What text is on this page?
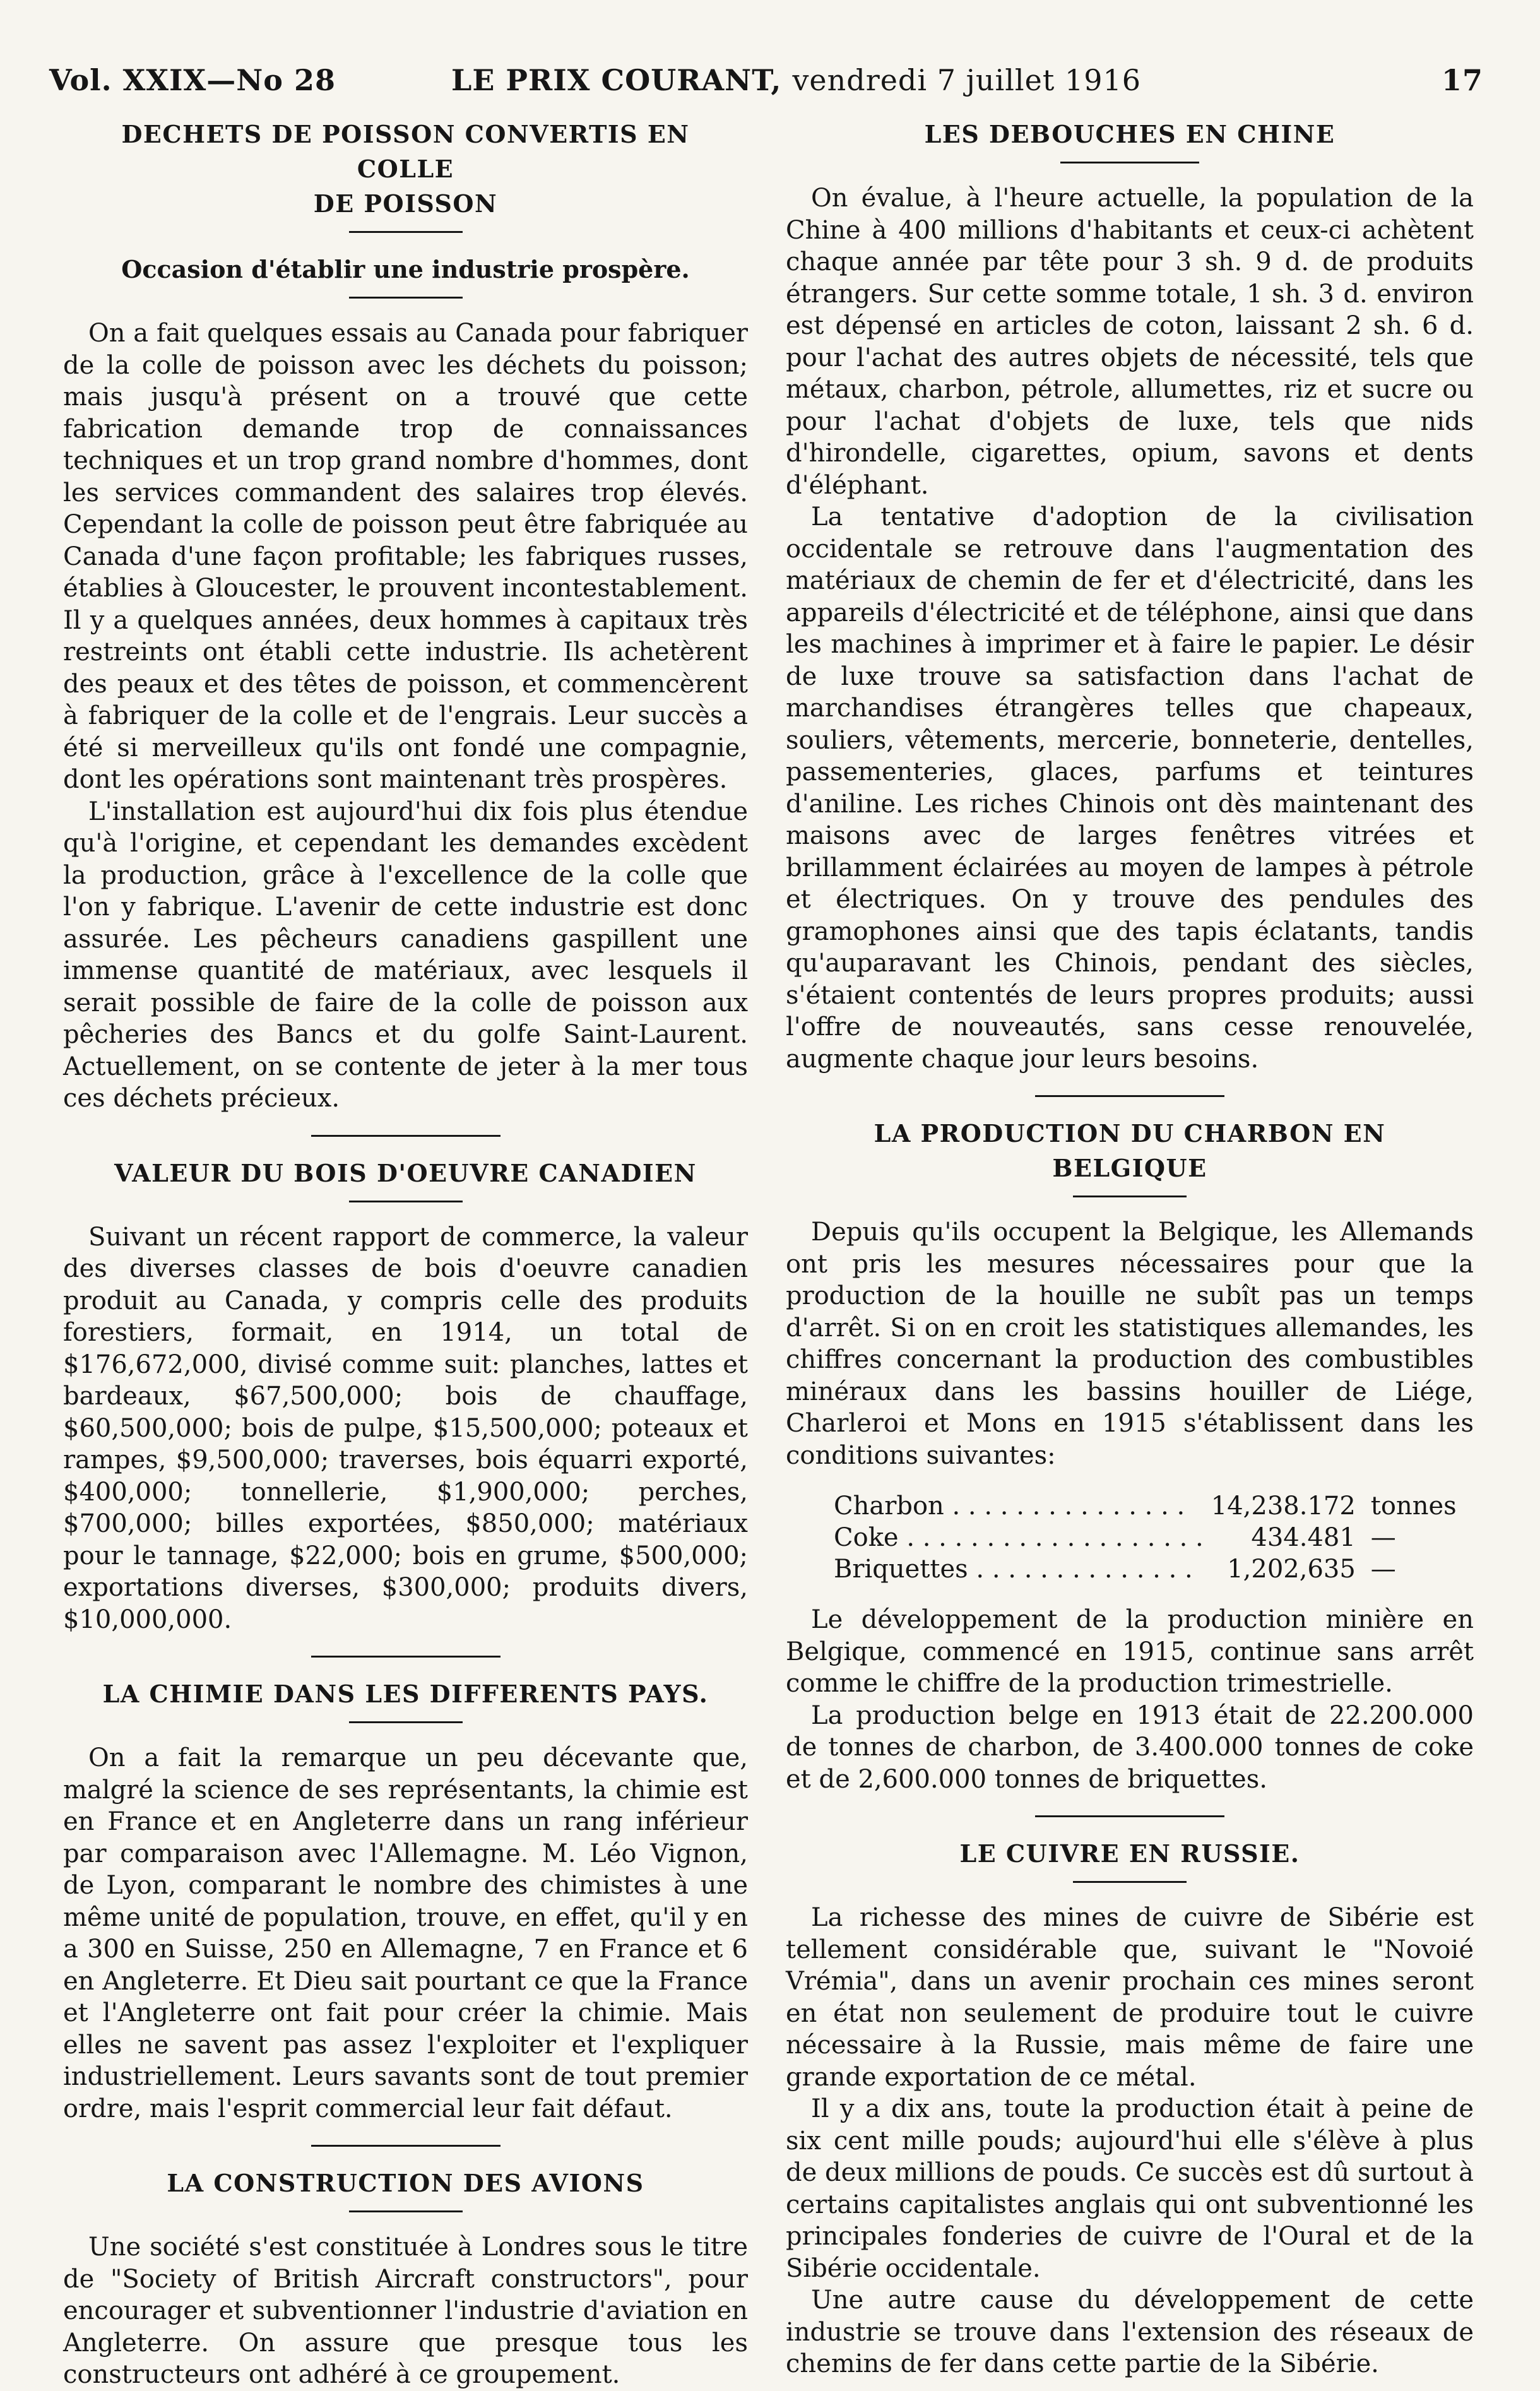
Vol. XXIX—No 28	LE PRIX COURANT, vendredi 7 juillet 1916	17
DECHETS DE POISSON CONVERTIS EN COLLE
DE POISSON
Occasion d'établir une industrie prospère.

On a fait quelques essais au Canada pour fabriquer de la colle de poisson avec les déchets du poisson; mais jusqu'à présent on a trouvé que cette fabrication demande trop de connaissances techniques et un trop grand nombre d'hommes, dont les services commandent des salaires trop élevés. Cependant la colle de poisson peut être fabriquée au Canada d'une façon profitable; les fabriques russes, établies à Gloucester, le prouvent incontestablement. Il y a quelques années, deux hommes à capitaux très restreints ont établi cette industrie. Ils achetèrent des peaux et des têtes de poisson, et commencèrent à fabriquer de la colle et de l'engrais. Leur succès a été si merveilleux qu'ils ont fondé une compagnie, dont les opérations sont maintenant très prospères.

L'installation est aujourd'hui dix fois plus étendue qu'à l'origine, et cependant les demandes excèdent la production, grâce à l'excellence de la colle que l'on y fabrique. L'avenir de cette industrie est donc assurée. Les pêcheurs canadiens gaspillent une immense quantité de matériaux, avec lesquels il serait possible de faire de la colle de poisson aux pêcheries des Bancs et du golfe Saint-Laurent. Actuellement, on se contente de jeter à la mer tous ces déchets précieux.

VALEUR DU BOIS D'OEUVRE CANADIEN

Suivant un récent rapport de commerce, la valeur des diverses classes de bois d'oeuvre canadien produit au Canada, y compris celle des produits forestiers, formait, en 1914, un total de $176,672,000, divisé comme suit: planches, lattes et bardeaux, $67,500,000; bois de chauffage, $60,500,000; bois de pulpe, $15,500,000; poteaux et rampes, $9,500,000; traverses, bois équarri exporté, $400,000; tonnellerie, $1,900,000; perches, $700,000; billes exportées, $850,000; matériaux pour le tannage, $22,000; bois en grume, $500,000; exportations diverses, $300,000; produits divers, $10,000,000.

LA CHIMIE DANS LES DIFFERENTS PAYS.

On a fait la remarque un peu décevante que, malgré la science de ses représentants, la chimie est en France et en Angleterre dans un rang inférieur par comparaison avec l'Allemagne. M. Léo Vignon, de Lyon, comparant le nombre des chimistes à une même unité de population, trouve, en effet, qu'il y en a 300 en Suisse, 250 en Allemagne, 7 en France et 6 en Angleterre. Et Dieu sait pourtant ce que la France et l'Angleterre ont fait pour créer la chimie. Mais elles ne savent pas assez l'exploiter et l'expliquer industriellement. Leurs savants sont de tout premier ordre, mais l'esprit commercial leur fait défaut.

LA CONSTRUCTION DES AVIONS

Une société s'est constituée à Londres sous le titre de "Society of British Aircraft constructors", pour encourager et subventionner l'industrie d'aviation en Angleterre. On assure que presque tous les constructeurs ont adhéré à ce groupement.

LES DEBOUCHES EN CHINE

On évalue, à l'heure actuelle, la population de la Chine à 400 millions d'habitants et ceux-ci achètent chaque année par tête pour 3 sh. 9 d. de produits étrangers. Sur cette somme totale, 1 sh. 3 d. environ est dépensé en articles de coton, laissant 2 sh. 6 d. pour l'achat des autres objets de nécessité, tels que métaux, charbon, pétrole, allumettes, riz et sucre ou pour l'achat d'objets de luxe, tels que nids d'hirondelle, cigarettes, opium, savons et dents d'éléphant.

La tentative d'adoption de la civilisation occidentale se retrouve dans l'augmentation des matériaux de chemin de fer et d'électricité, dans les appareils d'électricité et de téléphone, ainsi que dans les machines à imprimer et à faire le papier. Le désir de luxe trouve sa satisfaction dans l'achat de marchandises étrangères telles que chapeaux, souliers, vêtements, mercerie, bonneterie, dentelles, passementeries, glaces, parfums et teintures d'aniline. Les riches Chinois ont dès maintenant des maisons avec de larges fenêtres vitrées et brillamment éclairées au moyen de lampes à pétrole et électriques. On y trouve des pendules des gramophones ainsi que des tapis éclatants, tandis qu'auparavant les Chinois, pendant des siècles, s'étaient contentés de leurs propres produits; aussi l'offre de nouveautés, sans cesse renouvelée, augmente chaque jour leurs besoins.

LA PRODUCTION DU CHARBON EN BELGIQUE

Depuis qu'ils occupent la Belgique, les Allemands ont pris les mesures nécessaires pour que la production de la houille ne subît pas un temps d'arrêt. Si on en croit les statistiques allemandes, les chiffres concernant la production des combustibles minéraux dans les bassins houiller de Liége, Charleroi et Mons en 1915 s'établissent dans les conditions suivantes:

Charbon . . . . . . . . . . . . . . .	14,238.172	tonnes
Coke . . . . . . . . . . . . . . . . . . .	434.481	—
Briquettes . . . . . . . . . . . . . .	1,202,635	—

Le développement de la production minière en Belgique, commencé en 1915, continue sans arrêt comme le chiffre de la production trimestrielle.

La production belge en 1913 était de 22.200.000 de tonnes de charbon, de 3.400.000 tonnes de coke et de 2,600.000 tonnes de briquettes.

LE CUIVRE EN RUSSIE.

La richesse des mines de cuivre de Sibérie est tellement considérable que, suivant le "Novoié Vrémia", dans un avenir prochain ces mines seront en état non seulement de produire tout le cuivre nécessaire à la Russie, mais même de faire une grande exportation de ce métal.

Il y a dix ans, toute la production était à peine de six cent mille pouds; aujourd'hui elle s'élève à plus de deux millions de pouds. Ce succès est dû surtout à certains capitalistes anglais qui ont subventionné les principales fonderies de cuivre de l'Oural et de la Sibérie occidentale.

Une autre cause du développement de cette industrie se trouve dans l'extension des réseaux de chemins de fer dans cette partie de la Sibérie.
